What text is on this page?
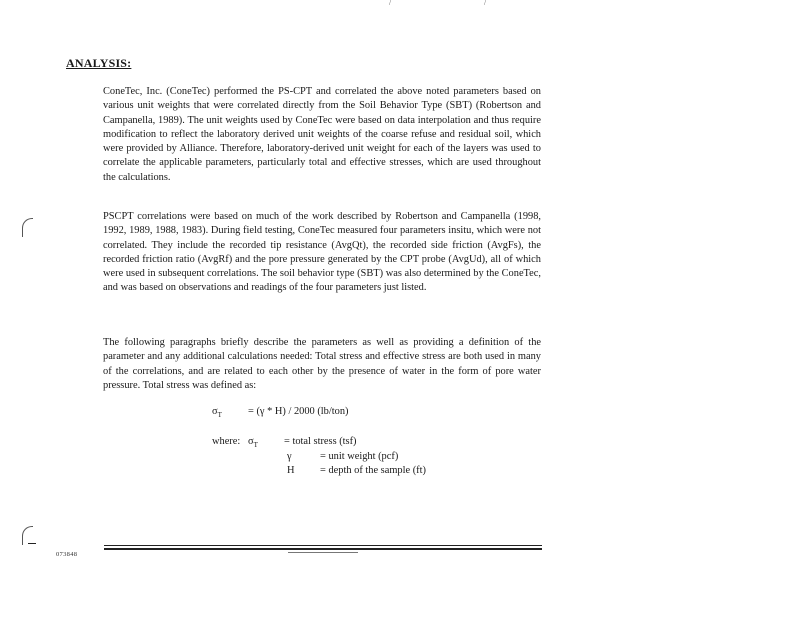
/	/
ANALYSIS:

ConeTec, Inc. (ConeTec) performed the PS-CPT and correlated the above noted parameters based on various unit weights that were correlated directly from the Soil Behavior Type (SBT) (Robertson and Campanella, 1989). The unit weights used by ConeTec were based on data interpolation and thus require modification to reflect the laboratory derived unit weights of the coarse refuse and residual soil, which were provided by Alliance. Therefore, laboratory-derived unit weight for each of the layers was used to correlate the applicable parameters, particularly total and effective stresses, which are used throughout the calculations.

PSCPT correlations were based on much of the work described by Robertson and Campanella (1998, 1992, 1989, 1988, 1983). During field testing, ConeTec measured four parameters insitu, which were not correlated. They include the recorded tip resistance (AvgQt), the recorded side friction (AvgFs), the recorded friction ratio (AvgRf) and the pore pressure generated by the CPT probe (AvgUd), all of which were used in subsequent correlations. The soil behavior type (SBT) was also determined by the ConeTec, and was based on observations and readings of the four parameters just listed.

The following paragraphs briefly describe the parameters as well as providing a definition of the parameter and any additional calculations needed: Total stress and effective stress are both used in many of the correlations, and are related to each other by the presence of water in the form of pore water pressure. Total stress was defined as:

$\sigma_T$	= (γ * H) / 2000 (lb/ton)
where: $\sigma_T$	= total stress (tsf)
γ	= unit weight (pcf)
H = depth of the sample (ft)
073848
